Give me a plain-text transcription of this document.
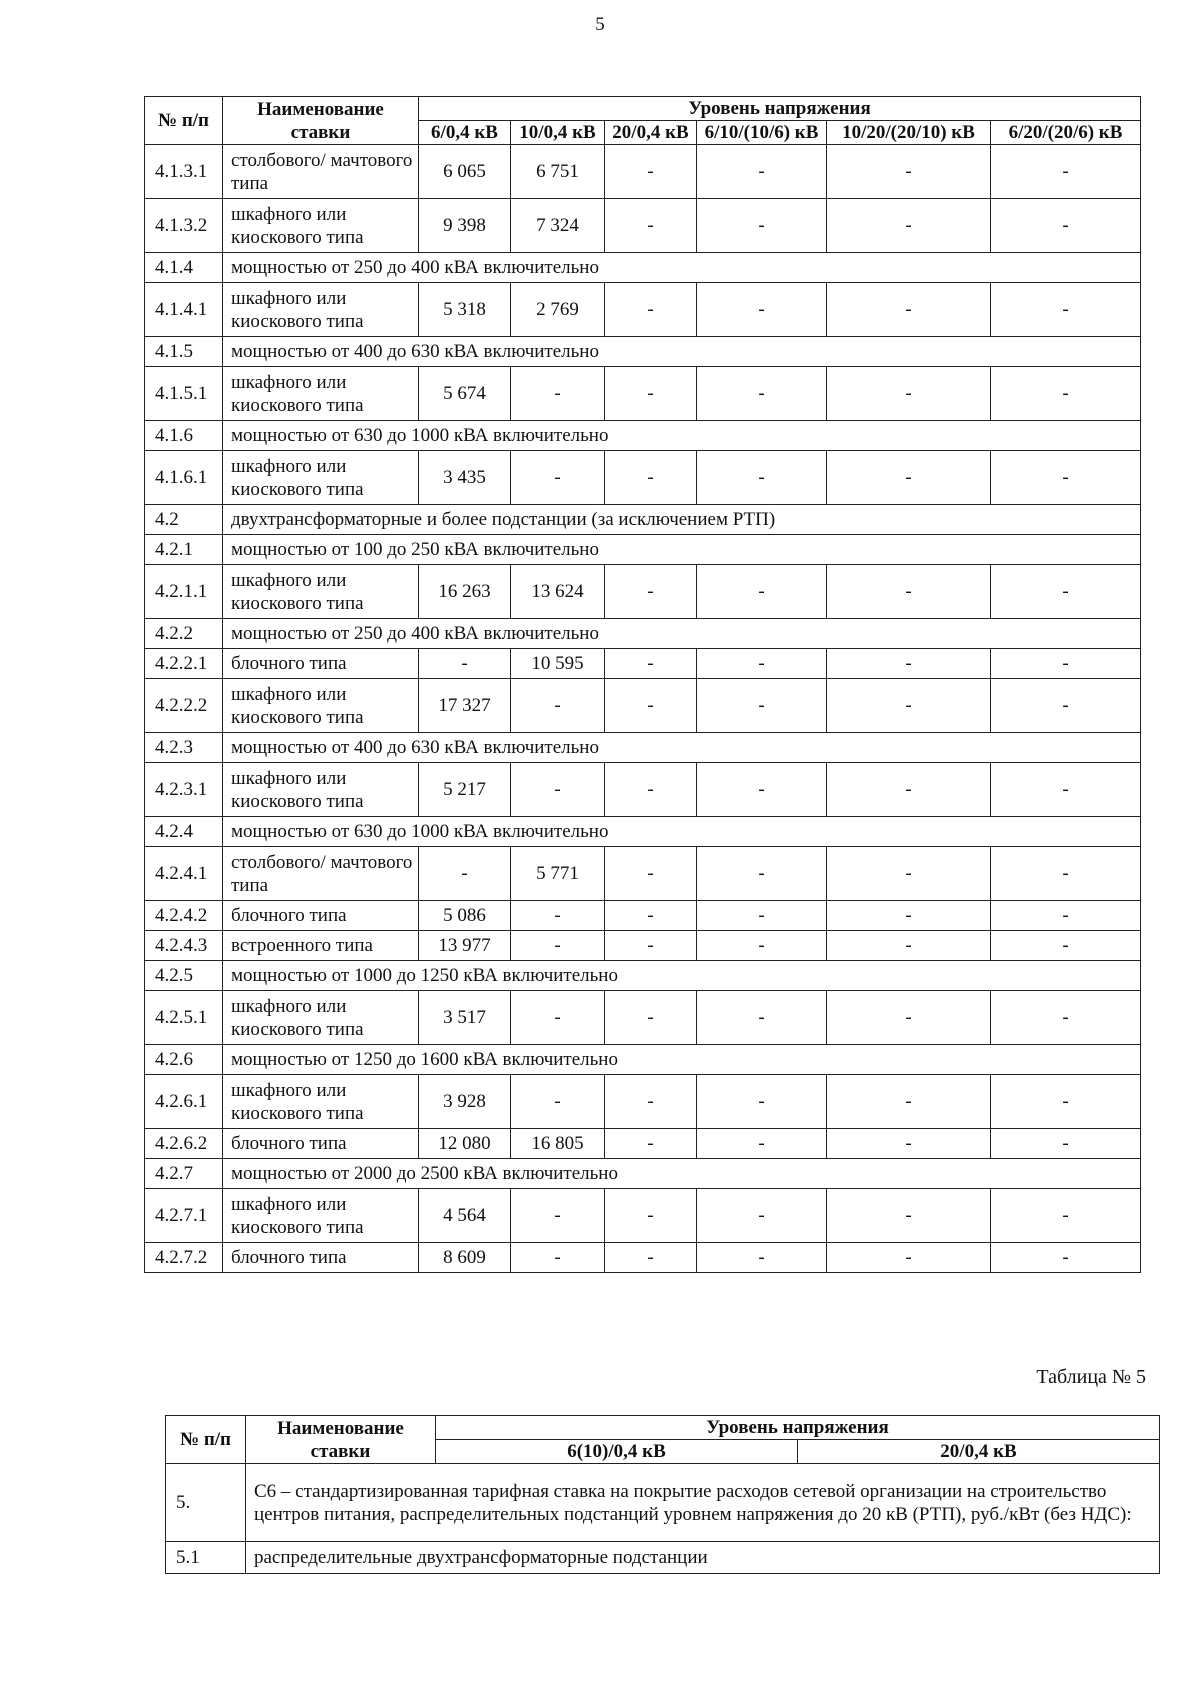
5
№ п/п	Наименование ставки	Уровень напряжения					
		6/0,4 кВ	10/0,4 кВ	20/0,4 кВ	6/10/(10/6) кВ	10/20/(20/10) кВ	6/20/(20/6) кВ
4.1.3.1	столбового/ мачтового типа	6 065	6 751	-	-	-	-
4.1.3.2	шкафного или киоскового типа	9 398	7 324	-	-	-	-
4.1.4	мощностью от 250 до 400 кВА включительно						
4.1.4.1	шкафного или киоскового типа	5 318	2 769	-	-	-	-
4.1.5	мощностью от 400 до 630 кВА включительно						
4.1.5.1	шкафного или киоскового типа	5 674	-	-	-	-	-
4.1.6	мощностью от 630 до 1000 кВА включительно						
4.1.6.1	шкафного или киоскового типа	3 435	-	-	-	-	-
4.2	двухтрансформаторные и более подстанции (за исключением РТП)						
4.2.1	мощностью от 100 до 250 кВА включительно						
4.2.1.1	шкафного или киоскового типа	16 263	13 624	-	-	-	-
4.2.2	мощностью от 250 до 400 кВА включительно						
4.2.2.1	блочного типа	-	10 595	-	-	-	-
4.2.2.2	шкафного или киоскового типа	17 327	-	-	-	-	-
4.2.3	мощностью от 400 до 630 кВА включительно						
4.2.3.1	шкафного или киоскового типа	5 217	-	-	-	-	-
4.2.4	мощностью от 630 до 1000 кВА включительно						
4.2.4.1	столбового/ мачтового типа	-	5 771	-	-	-	-
4.2.4.2	блочного типа	5 086	-	-	-	-	-
4.2.4.3	встроенного типа	13 977	-	-	-	-	-
4.2.5	мощностью от 1000 до 1250 кВА включительно						
4.2.5.1	шкафного или киоскового типа	3 517	-	-	-	-	-
4.2.6	мощностью от 1250 до 1600 кВА включительно						
4.2.6.1	шкафного или киоскового типа	3 928	-	-	-	-	-
4.2.6.2	блочного типа	12 080	16 805	-	-	-	-
4.2.7	мощностью от 2000 до 2500 кВА включительно						
4.2.7.1	шкафного или киоскового типа	4 564	-	-	-	-	-
4.2.7.2	блочного типа	8 609	-	-	-	-	-
Таблица № 5
№ п/п	Наименование ставки	Уровень напряжения	
		6(10)/0,4 кВ	20/0,4 кВ
5.	С6 – стандартизированная тарифная ставка на покрытие расходов сетевой организации на строительство центров питания, распределительных подстанций уровнем напряжения до 20 кВ (РТП), руб./кВт (без НДС):		
5.1	распределительные двухтрансформаторные подстанции		
